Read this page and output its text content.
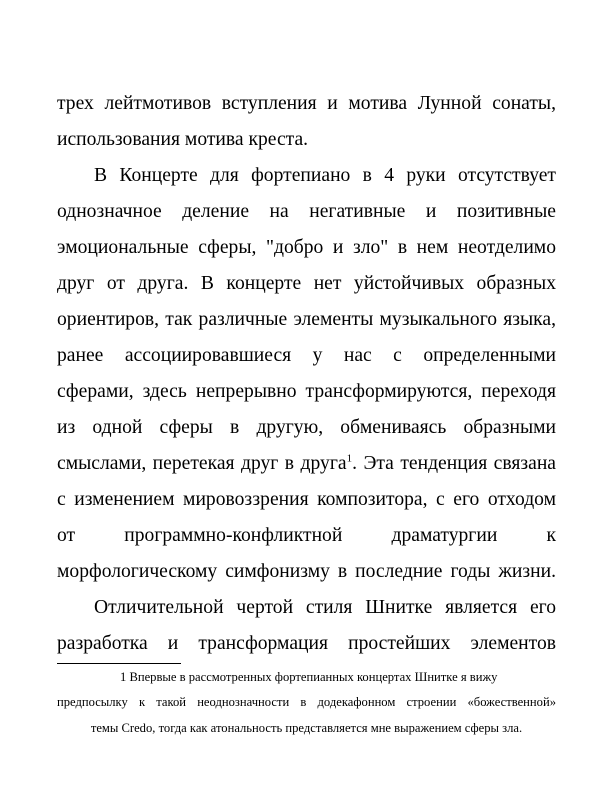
трех лейтмотивов вступления и мотива Лунной сонаты,
использования мотива креста.
В Концерте для фортепиано в 4 руки отсутствует
однозначное деление на негативные и позитивные
эмоциональные сферы, "добро и зло" в нем неотделимо
друг от друга. В концерте нет уйстойчивых образных
ориентиров, так различные элементы музыкального языка,
ранее ассоциировавшиеся у нас с определенными
сферами, здесь непрерывно трансформируются, переходя
из одной сферы в другую, обмениваясь образными
смыслами, перетекая друг в друга$^1$. Эта тенденция связана
с изменением мировоззрения композитора, с его отходом
от программно-конфликтной драматургии к
морфологическому симфонизму в последние годы жизни.
Отличительной чертой стиля Шнитке является его
разработка и трансформация простейших элементов
1 Впервые в рассмотренных фортепианных концертах Шнитке я вижу
предпосылку к такой неоднозначности в додекафонном строении «божественной»
темы Credo, тогда как атональность представляется мне выражением сферы зла.
